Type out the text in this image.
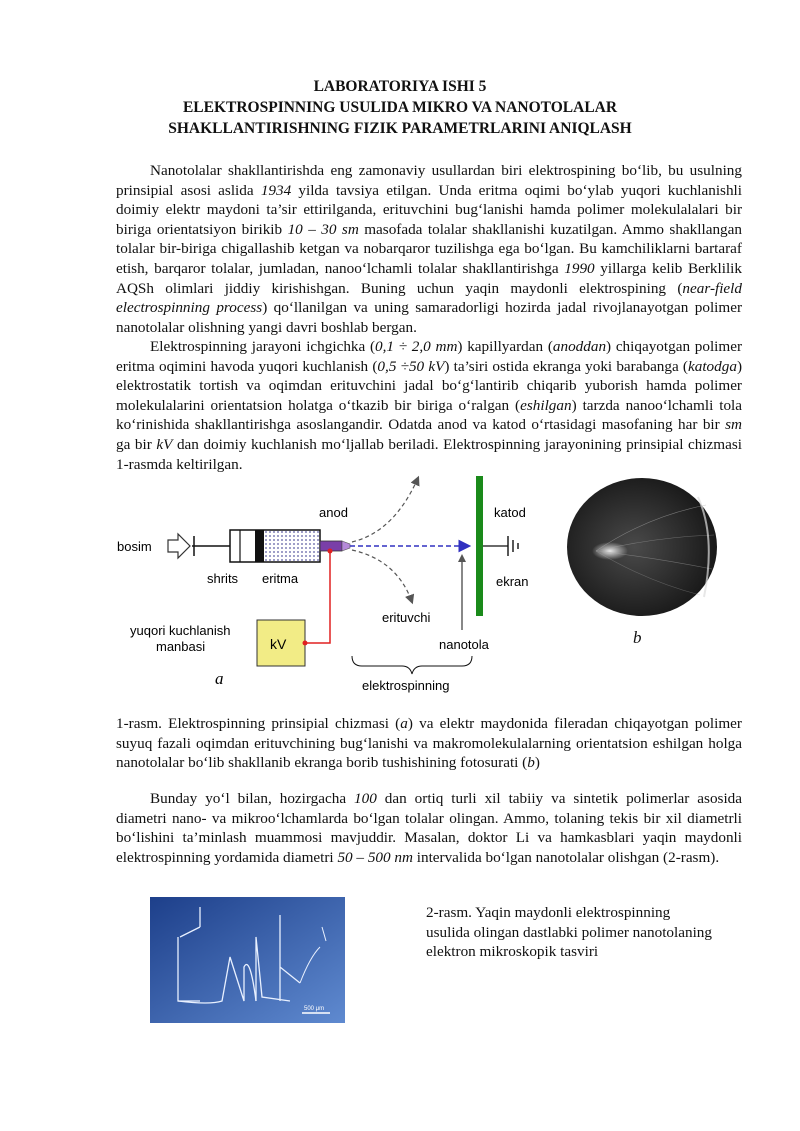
LABORATORIYA ISHI 5
ELEKTROSPINNING USULIDA MIKRO VA NANOTOLALAR
SHAKLLANTIRISHNING FIZIK PARAMETRLARINI ANIQLASH

Nanotolalar shakllantirishda eng zamonaviy usullardan biri elektrospining bo‘lib, bu usulning prinsipial asosi aslida 1934 yilda tavsiya etilgan. Unda eritma oqimi bo‘ylab yuqori kuchlanishli doimiy elektr maydoni ta’sir ettirilganda, erituvchini bug‘lanishi hamda polimer molekulalalari bir biriga orientatsiyon birikib 10 – 30 sm masofada tolalar shakllanishi kuzatilgan. Ammo shakllangan tolalar bir-biriga chigallashib ketgan va nobarqaror tuzilishga ega bo‘lgan. Bu kamchiliklarni bartaraf etish, barqaror tolalar, jumladan, nanoo‘lchamli tolalar shakllantirishga 1990 yillarga kelib Berklilik AQSh olimlari jiddiy kirishishgan. Buning uchun yaqin maydonli elektrospining (near-field electrospinning process) qo‘llanilgan va uning samaradorligi hozirda jadal rivojlanayotgan polimer nanotolalar olishning yangi davri boshlab bergan.

Elektrospinning jarayoni ichgichka (0,1 ÷ 2,0 mm) kapillyardan (anoddan) chiqayotgan polimer eritma oqimini havoda yuqori kuchlanish (0,5 ÷50 kV) ta’siri ostida ekranga yoki barabanga (katodga) elektrostatik tortish va oqimdan erituvchini jadal bo‘g‘lantirib chiqarib yuborish hamda polimer molekulalarini orientatsion holatga o‘tkazib bir biriga o‘ralgan (eshilgan) tarzda nanoo‘lchamli tola ko‘rinishida shakllantirishga asoslangandir. Odatda anod va katod o‘rtasidagi masofaning har bir sm ga bir kV dan doimiy kuchlanish mo‘ljallab beriladi. Elektrospinning jarayonining prinsipial chizmasi 1-rasmda keltirilgan.

anod	katod
bosim
shrits eritma	ekran
erituvchi
yuqori kuchlanish
manbasi	kV	nanotola
elektrospinning
a
b
1-rasm. Elektrospinning prinsipial chizmasi (a) va elektr maydonida fileradan chiqayotgan polimer suyuq fazali oqimdan erituvchining bug‘lanishi va makromolekulalarning orientatsion eshilgan holga nanotolalar bo‘lib shakllanib ekranga borib tushishining fotosurati (b)

Bunday yo‘l bilan, hozirgacha 100 dan ortiq turli xil tabiiy va sintetik polimerlar asosida diametri nano- va mikroo‘lchamlarda bo‘lgan tolalar olingan. Ammo, tolaning tekis bir xil diametrli bo‘lishini ta’minlash muammosi mavjuddir. Masalan, doktor Li va hamkasblari yaqin maydonli elektrospinning yordamida diametri 50 – 500 nm intervalida bo‘lgan nanotolalar olishgan (2-rasm).

500 μm
2-rasm. Yaqin maydonli elektrospinning
usulida olingan dastlabki polimer nanotolaning
elektron mikroskopik tasviri
